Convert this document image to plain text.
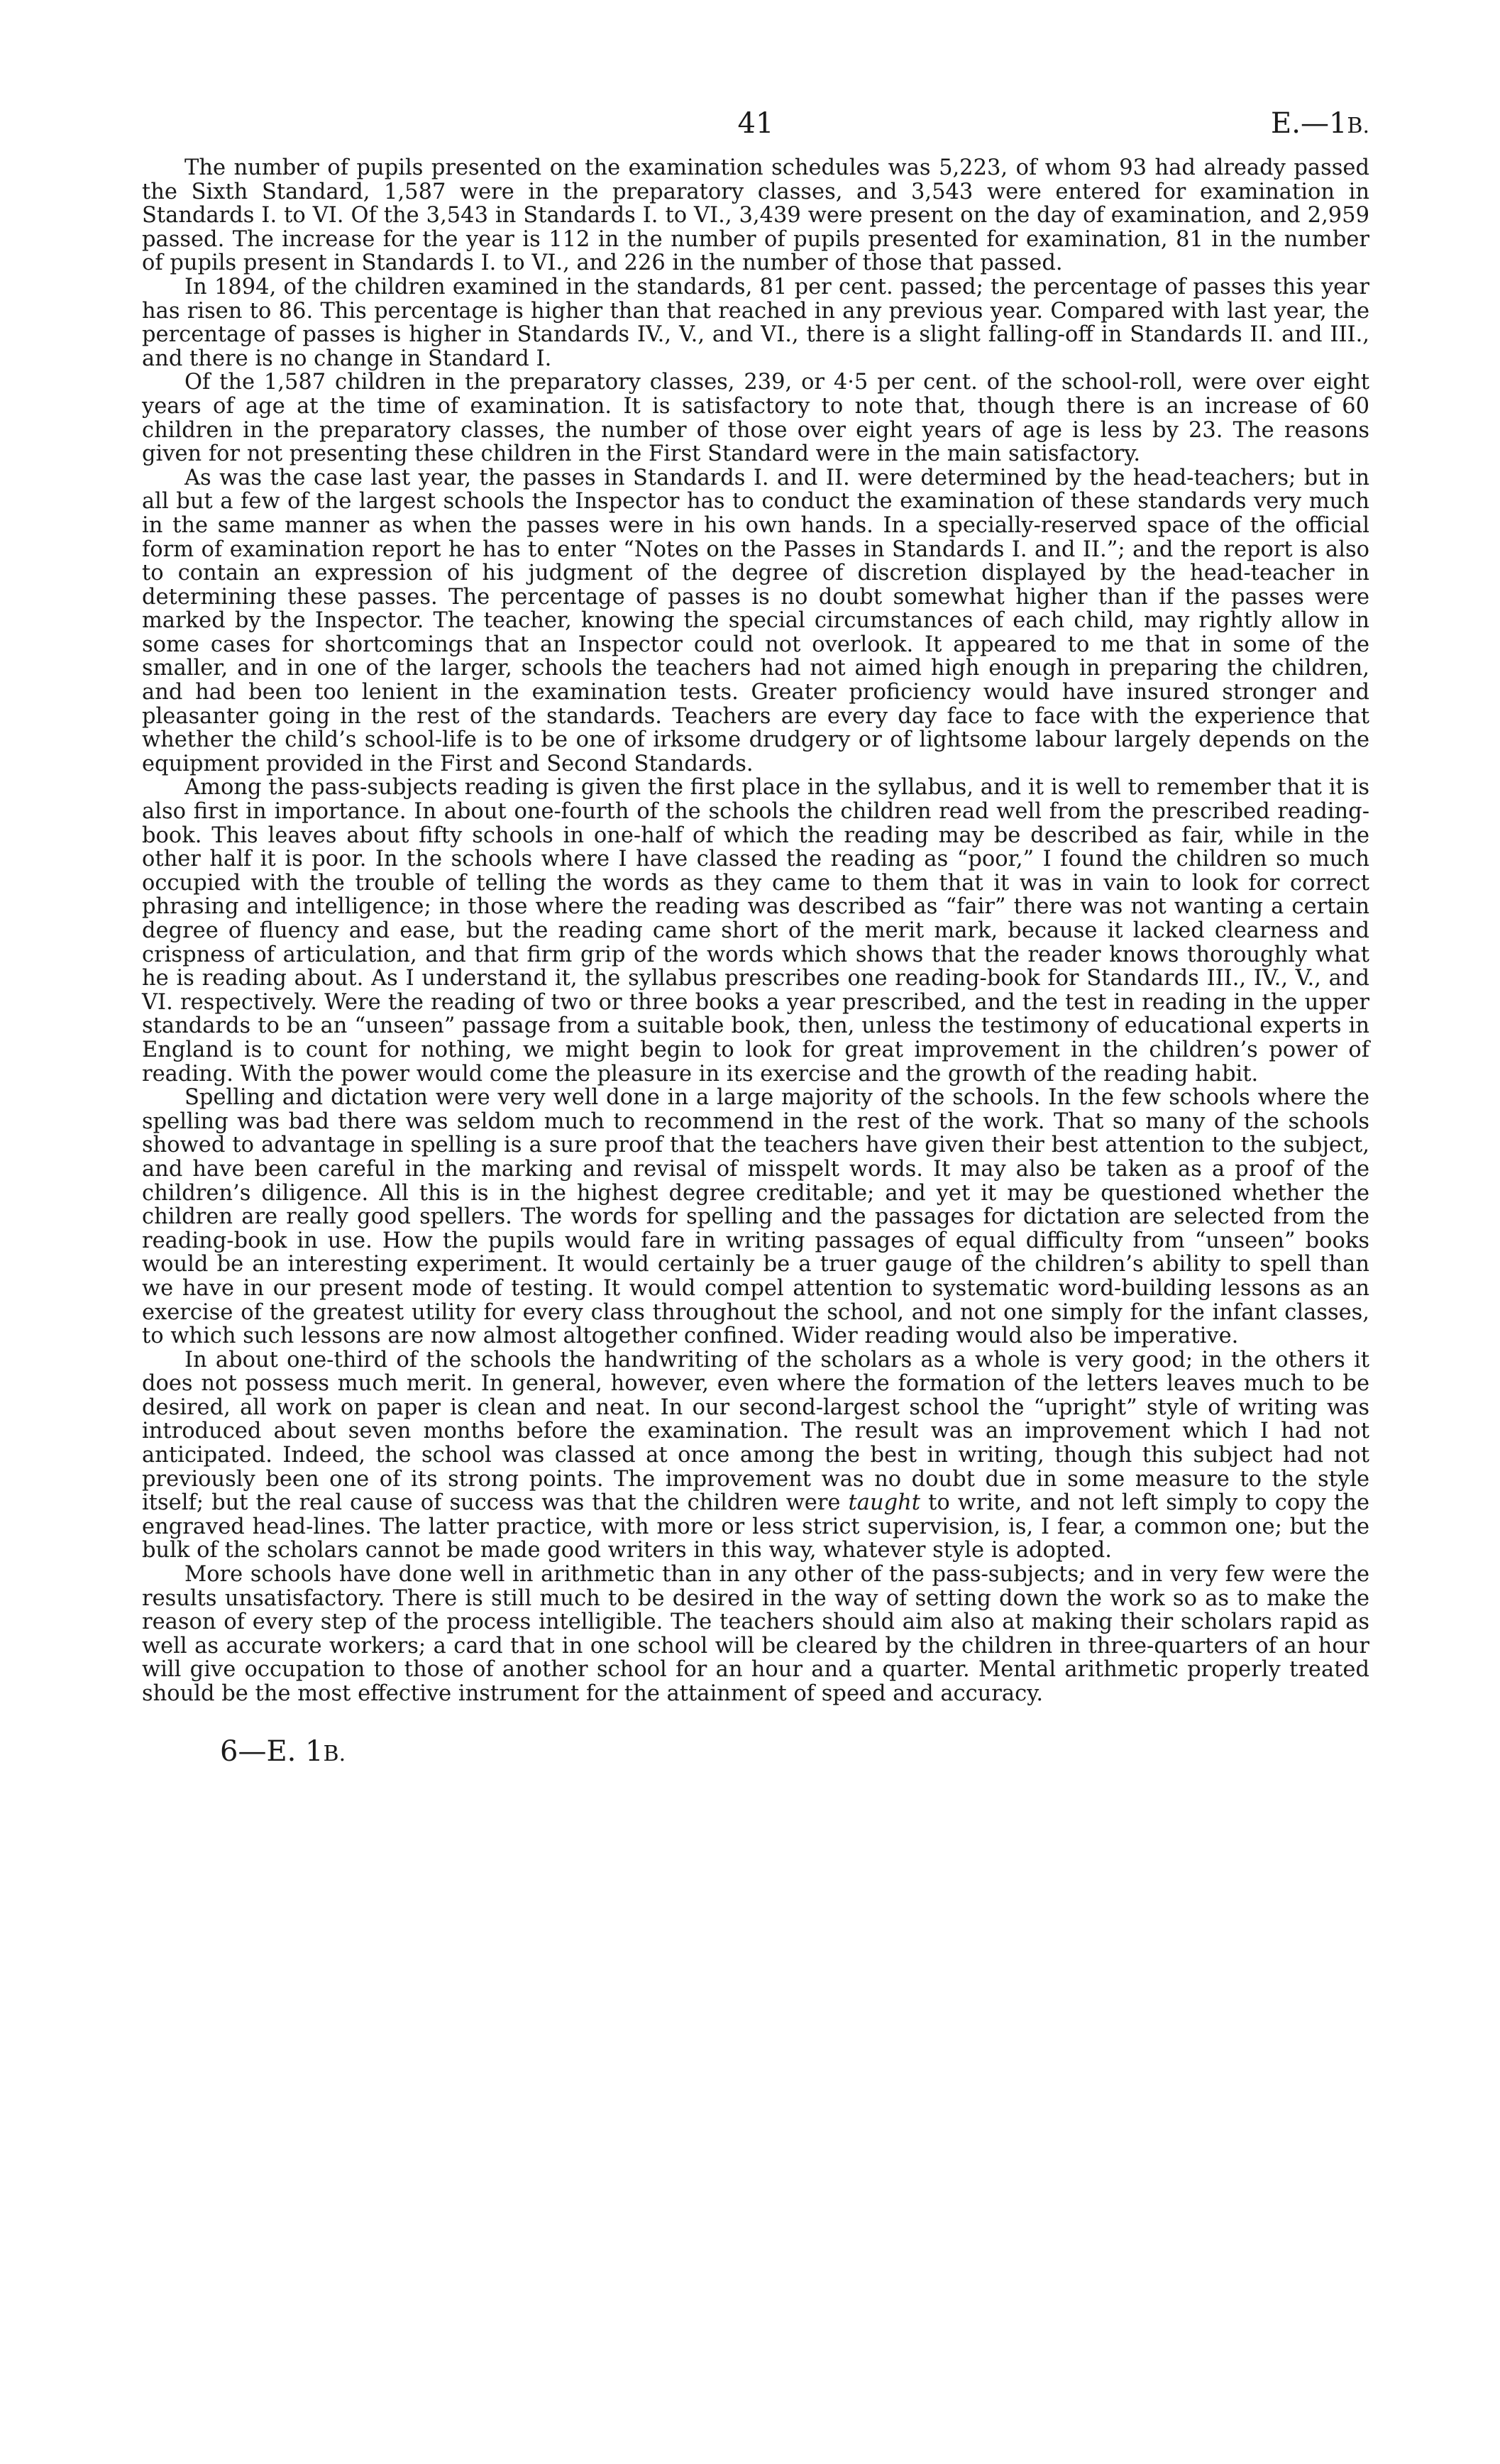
41	E.—1B.

The number of pupils presented on the examination schedules was 5,223, of whom 93 had already passed the Sixth Standard, 1,587 were in the preparatory classes, and 3,543 were entered for examination in Standards I. to VI. Of the 3,543 in Standards I. to VI., 3,439 were present on the day of examination, and 2,959 passed. The increase for the year is 112 in the number of pupils presented for examination, 81 in the number of pupils present in Standards I. to VI., and 226 in the number of those that passed.

In 1894, of the children examined in the standards, 81 per cent. passed; the percentage of passes this year has risen to 86. This percentage is higher than that reached in any previous year. Compared with last year, the percentage of passes is higher in Standards IV., V., and VI., there is a slight falling-off in Standards II. and III., and there is no change in Standard I.

Of the 1,587 children in the preparatory classes, 239, or 4·5 per cent. of the school-roll, were over eight years of age at the time of examination. It is satisfactory to note that, though there is an increase of 60 children in the preparatory classes, the number of those over eight years of age is less by 23. The reasons given for not presenting these children in the First Standard were in the main satisfactory.

As was the case last year, the passes in Standards I. and II. were determined by the head-teachers; but in all but a few of the largest schools the Inspector has to conduct the examination of these standards very much in the same manner as when the passes were in his own hands. In a specially-reserved space of the official form of examination report he has to enter “Notes on the Passes in Standards I. and II.”; and the report is also to contain an expression of his judgment of the degree of discretion displayed by the head-teacher in determining these passes. The percentage of passes is no doubt somewhat higher than if the passes were marked by the Inspector. The teacher, knowing the special circumstances of each child, may rightly allow in some cases for shortcomings that an Inspector could not overlook. It appeared to me that in some of the smaller, and in one of the larger, schools the teachers had not aimed high enough in preparing the children, and had been too lenient in the examination tests. Greater proficiency would have insured stronger and pleasanter going in the rest of the standards. Teachers are every day face to face with the experience that whether the child’s school-life is to be one of irksome drudgery or of lightsome labour largely depends on the equipment provided in the First and Second Standards.

Among the pass-subjects reading is given the first place in the syllabus, and it is well to remember that it is also first in importance. In about one-fourth of the schools the children read well from the prescribed reading-book. This leaves about fifty schools in one-half of which the reading may be described as fair, while in the other half it is poor. In the schools where I have classed the reading as “poor,” I found the children so much occupied with the trouble of telling the words as they came to them that it was in vain to look for correct phrasing and intelligence; in those where the reading was described as “fair” there was not wanting a certain degree of fluency and ease, but the reading came short of the merit mark, because it lacked clearness and crispness of articulation, and that firm grip of the words which shows that the reader knows thoroughly what he is reading about. As I understand it, the syllabus prescribes one reading-book for Standards III., IV., V., and VI. respectively. Were the reading of two or three books a year prescribed, and the test in reading in the upper standards to be an “unseen” passage from a suitable book, then, unless the testimony of educational experts in England is to count for nothing, we might begin to look for great improvement in the children’s power of reading. With the power would come the pleasure in its exercise and the growth of the reading habit.

Spelling and dictation were very well done in a large majority of the schools. In the few schools where the spelling was bad there was seldom much to recommend in the rest of the work. That so many of the schools showed to advantage in spelling is a sure proof that the teachers have given their best attention to the subject, and have been careful in the marking and revisal of misspelt words. It may also be taken as a proof of the children’s diligence. All this is in the highest degree creditable; and yet it may be questioned whether the children are really good spellers. The words for spelling and the passages for dictation are selected from the reading-book in use. How the pupils would fare in writing passages of equal difficulty from “unseen” books would be an interesting experiment. It would certainly be a truer gauge of the children’s ability to spell than we have in our present mode of testing. It would compel attention to systematic word-building lessons as an exercise of the greatest utility for every class throughout the school, and not one simply for the infant classes, to which such lessons are now almost altogether confined. Wider reading would also be imperative.

In about one-third of the schools the handwriting of the scholars as a whole is very good; in the others it does not possess much merit. In general, however, even where the formation of the letters leaves much to be desired, all work on paper is clean and neat. In our second-largest school the “upright” style of writing was introduced about seven months before the examination. The result was an improvement which I had not anticipated. Indeed, the school was classed at once among the best in writing, though this subject had not previously been one of its strong points. The improvement was no doubt due in some measure to the style itself; but the real cause of success was that the children were taught to write, and not left simply to copy the engraved head-lines. The latter practice, with more or less strict supervision, is, I fear, a common one; but the bulk of the scholars cannot be made good writers in this way, whatever style is adopted.

More schools have done well in arithmetic than in any other of the pass-subjects; and in very few were the results unsatisfactory. There is still much to be desired in the way of setting down the work so as to make the reason of every step of the process intelligible. The teachers should aim also at making their scholars rapid as well as accurate workers; a card that in one school will be cleared by the children in three-quarters of an hour will give occupation to those of another school for an hour and a quarter. Mental arithmetic properly treated should be the most effective instrument for the attainment of speed and accuracy.

6—E. 1B.
